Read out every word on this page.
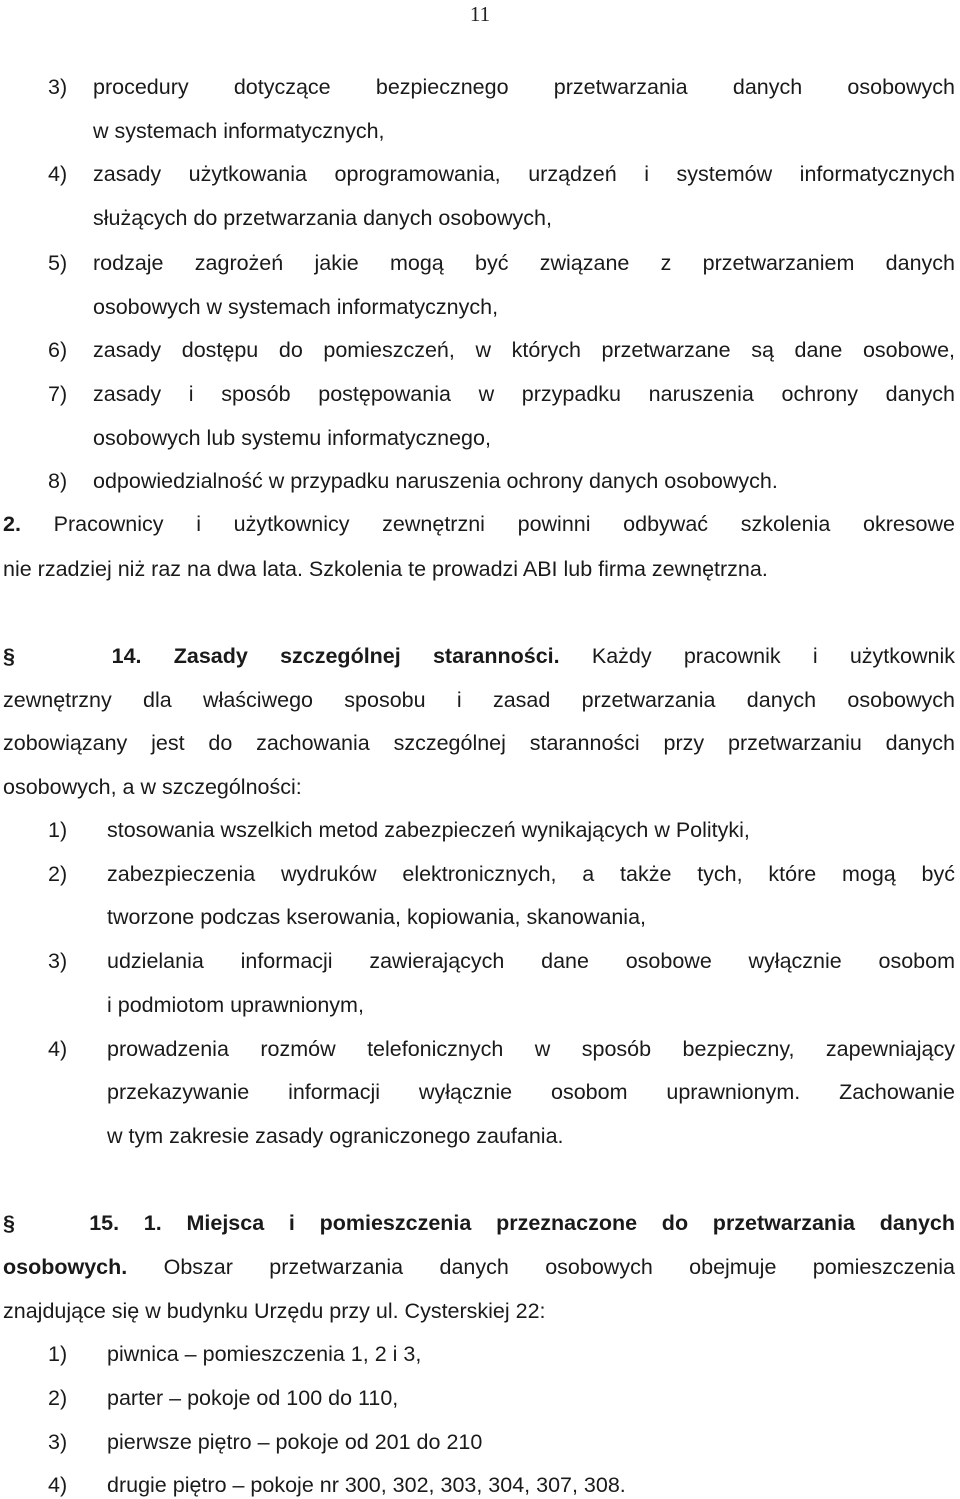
11
3) procedury dotyczące bezpiecznego przetwarzania danych osobowych
w systemach informatycznych,
4) zasady użytkowania oprogramowania, urządzeń i systemów informatycznych
służących do przetwarzania danych osobowych,
5) rodzaje zagrożeń jakie mogą być związane z przetwarzaniem danych
osobowych w systemach informatycznych,
6) zasady dostępu do pomieszczeń, w których przetwarzane są dane osobowe,
7) zasady i sposób postępowania w przypadku naruszenia ochrony danych
osobowych lub systemu informatycznego,
8) odpowiedzialność w przypadku naruszenia ochrony danych osobowych.
2. Pracownicy i użytkownicy zewnętrzni powinni odbywać szkolenia okresowe
nie rzadziej niż raz na dwa lata. Szkolenia te prowadzi ABI lub firma zewnętrzna.
§	14. Zasady szczególnej staranności. Każdy pracownik i użytkownik
zewnętrzny dla właściwego sposobu i zasad przetwarzania danych osobowych
zobowiązany jest do zachowania szczególnej staranności przy przetwarzaniu danych
osobowych, a w szczególności:
1) stosowania wszelkich metod zabezpieczeń wynikających w Polityki,
2) zabezpieczenia wydruków elektronicznych, a także tych, które mogą być
tworzone podczas kserowania, kopiowania, skanowania,
3) udzielania informacji zawierających dane osobowe wyłącznie osobom
i podmiotom uprawnionym,
4) prowadzenia rozmów telefonicznych w sposób bezpieczny, zapewniający
przekazywanie informacji wyłącznie osobom uprawnionym. Zachowanie
w tym zakresie zasady ograniczonego zaufania.
§	15. 1. Miejsca i pomieszczenia przeznaczone do przetwarzania danych
osobowych. Obszar przetwarzania danych osobowych obejmuje pomieszczenia
znajdujące się w budynku Urzędu przy ul. Cysterskiej 22:
1) piwnica – pomieszczenia 1, 2 i 3,
2) parter – pokoje od 100 do 110,
3) pierwsze piętro – pokoje od 201 do 210
4) drugie piętro – pokoje nr 300, 302, 303, 304, 307, 308.
